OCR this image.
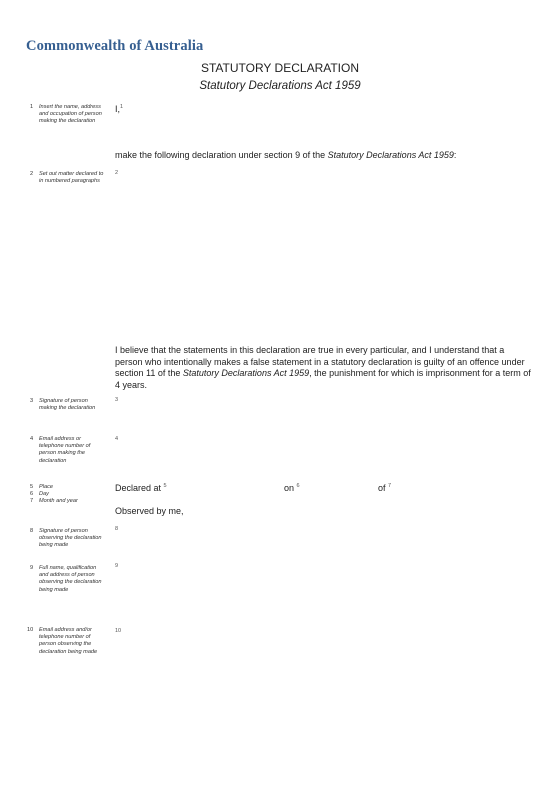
Commonwealth of Australia
STATUTORY DECLARATION
Statutory Declarations Act 1959
1	Insert the name, address and occupation of person making the declaration
2	Set out matter declared to in numbered paragraphs
3	Signature of person making the declaration
4	Email address or telephone number of person making the declaration
5	Place
6	Day
7	Month and year
8	Signature of person observing the declaration being made
9	Full name, qualification and address of person observing the declaration being made
10	Email address and/or telephone number of person observing the declaration being made
I,$^1$
make the following declaration under section 9 of the Statutory Declarations Act 1959:
$^2$
I believe that the statements in this declaration are true in every particular, and I understand that a person who intentionally makes a false statement in a statutory declaration is guilty of an offence under section 11 of the Statutory Declarations Act 1959, the punishment for which is imprisonment for a term of 4 years.
$^3$
$^4$
Declared at $^5$	on $^6$	of $^7$
Observed by me,
$^8$
$^9$
$^{10}$
